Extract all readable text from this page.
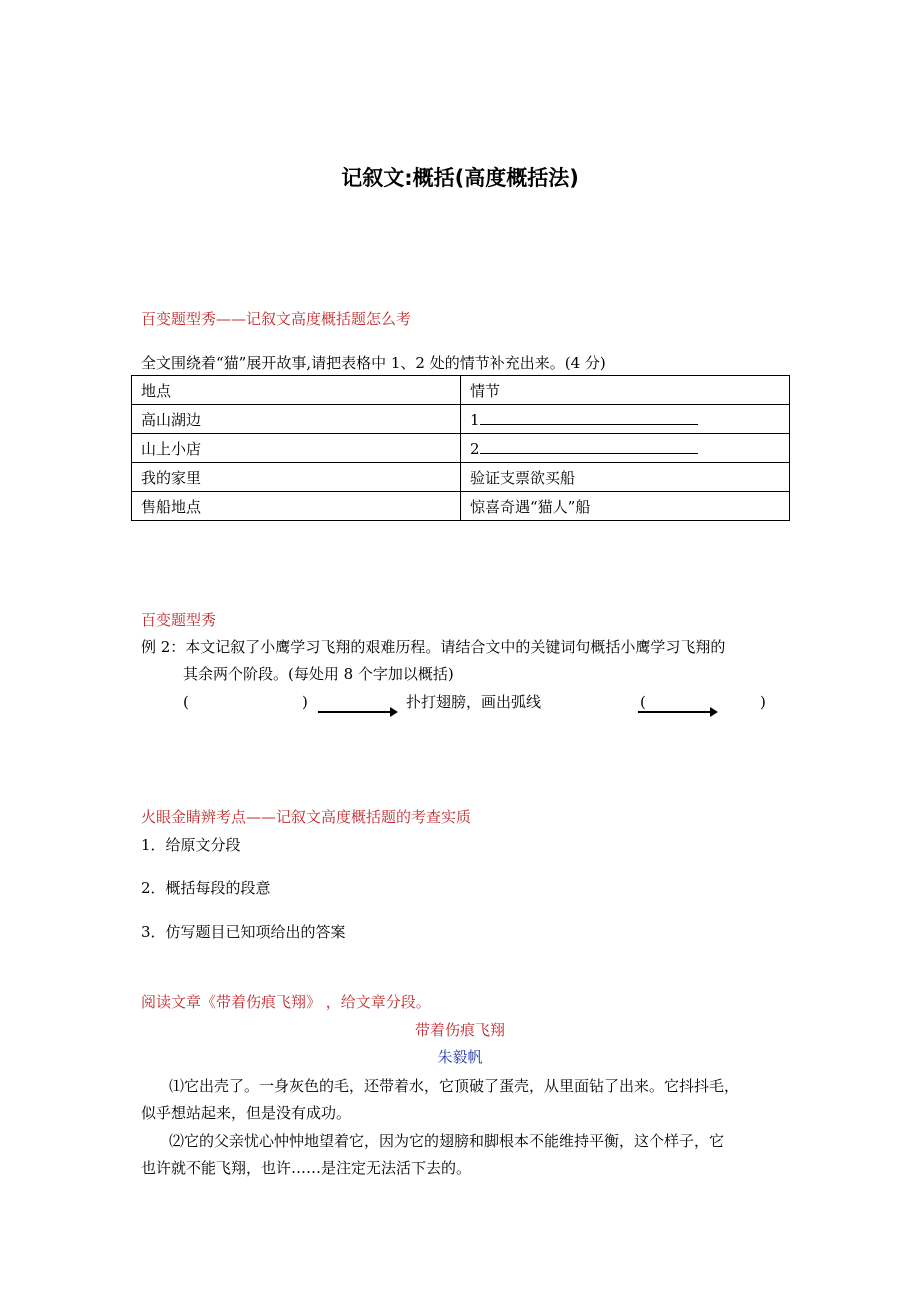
记叙文:概括(高度概括法)
百变题型秀——记叙文高度概括题怎么考
全文围绕着“猫”展开故事,请把表格中 1、2 处的情节补充出来。(4 分)
地点	情节
高山湖边	1
山上小店	2
我的家里	验证支票欲买船
售船地点	惊喜奇遇“猫人”船
百变题型秀
例 2：本文记叙了小鹰学习飞翔的艰难历程。请结合文中的关键词句概括小鹰学习飞翔的
其余两个阶段。(每处用 8 个字加以概括)
(	)
	扑打翅膀，画出弧线	(	)
火眼金睛辨考点——记叙文高度概括题的考查实质
1．给原文分段
2．概括每段的段意
3．仿写题目已知项给出的答案
阅读文章《带着伤痕飞翔》 ，给文章分段。
带着伤痕飞翔
朱毅帆
⑴它出壳了。一身灰色的毛，还带着水，它顶破了蛋壳，从里面钻了出来。它抖抖毛，
似乎想站起来，但是没有成功。
⑵它的父亲忧心忡忡地望着它，因为它的翅膀和脚根本不能维持平衡，这个样子，它
也许就不能飞翔，也许……是注定无法活下去的。
